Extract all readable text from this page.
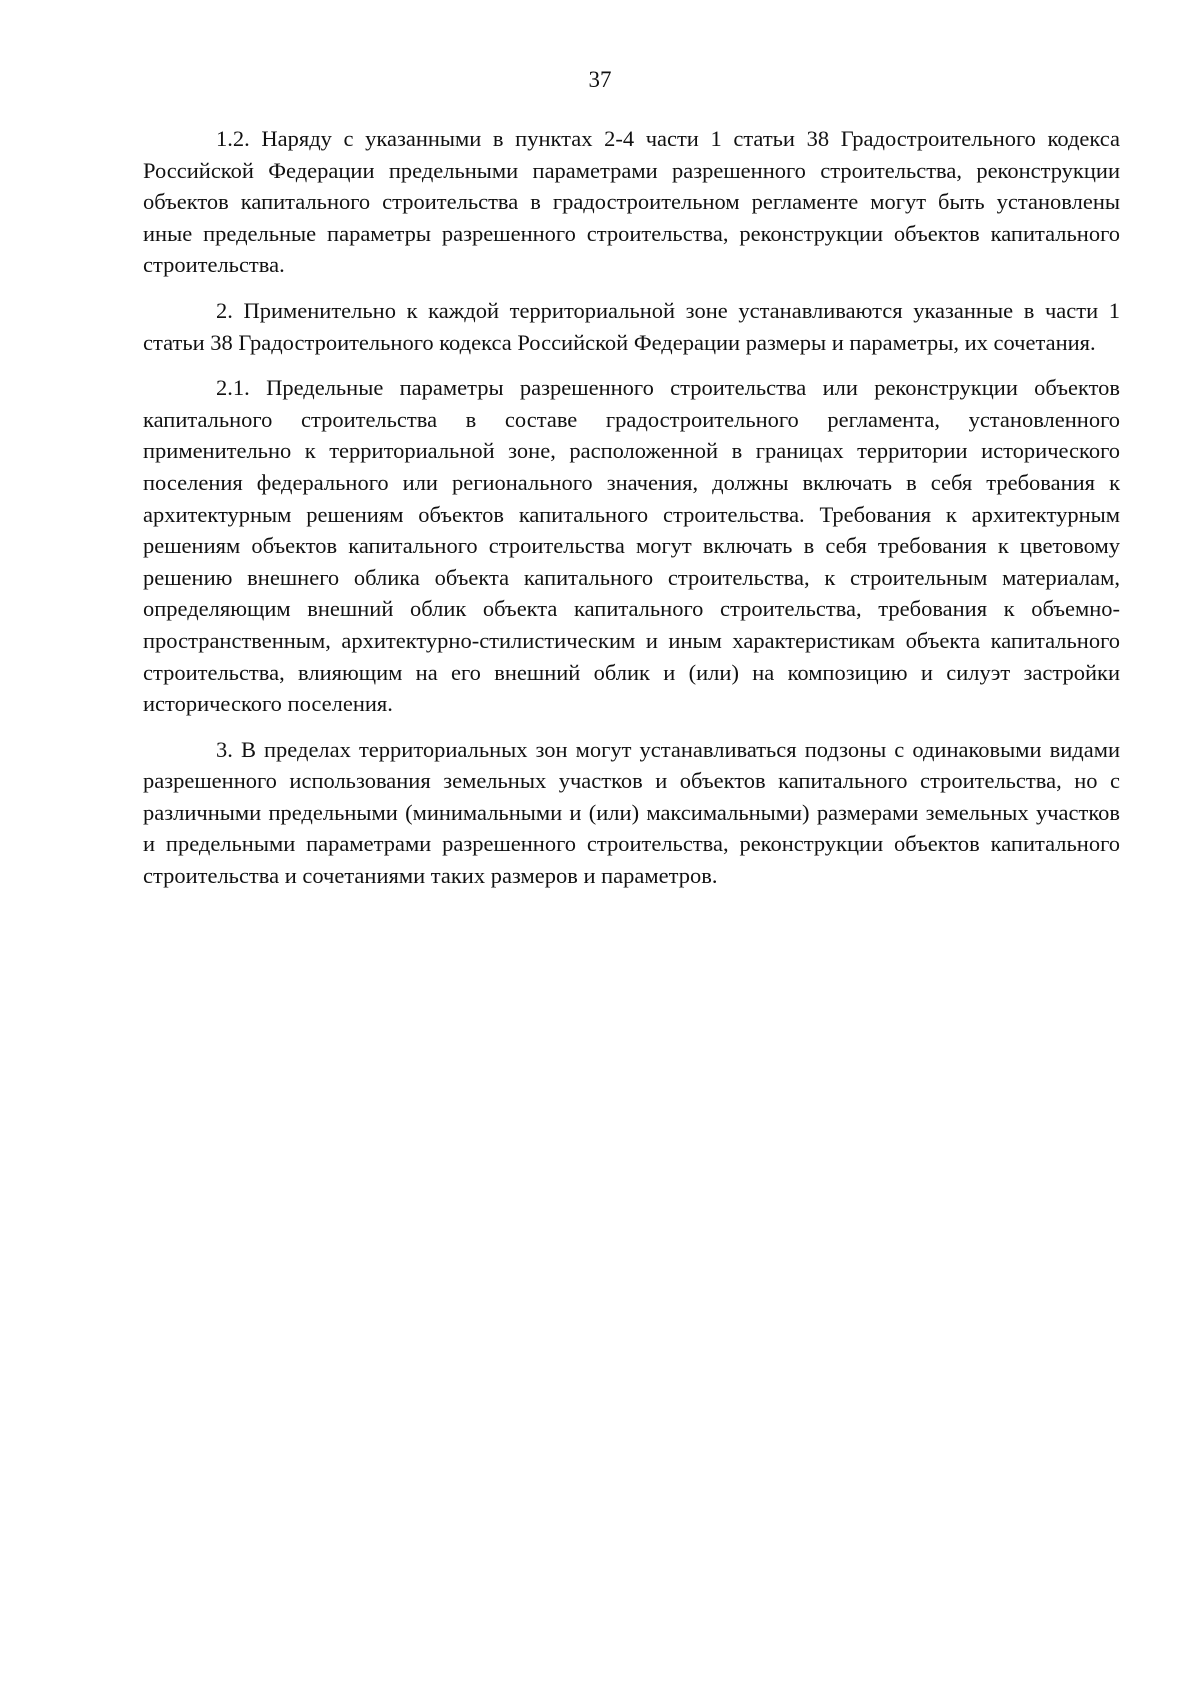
37

1.2. Наряду с указанными в пунктах 2-4 части 1 статьи 38 Градостроительного кодекса Российской Федерации предельными параметрами разрешенного строительства, реконструкции объектов капитального строительства в градостроительном регламенте могут быть установлены иные предельные параметры разрешенного строительства, реконструкции объектов капитального строительства.

2. Применительно к каждой территориальной зоне устанавливаются указанные в части 1 статьи 38 Градостроительного кодекса Российской Федерации размеры и параметры, их сочетания.

2.1. Предельные параметры разрешенного строительства или реконструкции объектов капитального строительства в составе градостроительного регламента, установленного применительно к территориальной зоне, расположенной в границах территории исторического поселения федерального или регионального значения, должны включать в себя требования к архитектурным решениям объектов капитального строительства. Требования к архитектурным решениям объектов капитального строительства могут включать в себя требования к цветовому решению внешнего облика объекта капитального строительства, к строительным материалам, определяющим внешний облик объекта капитального строительства, требования к объемно-пространственным, архитектурно-стилистическим и иным характеристикам объекта капитального строительства, влияющим на его внешний облик и (или) на композицию и силуэт застройки исторического поселения.

3. В пределах территориальных зон могут устанавливаться подзоны с одинаковыми видами разрешенного использования земельных участков и объектов капитального строительства, но с различными предельными (минимальными и (или) максимальными) размерами земельных участков и предельными параметрами разрешенного строительства, реконструкции объектов капитального строительства и сочетаниями таких размеров и параметров.
